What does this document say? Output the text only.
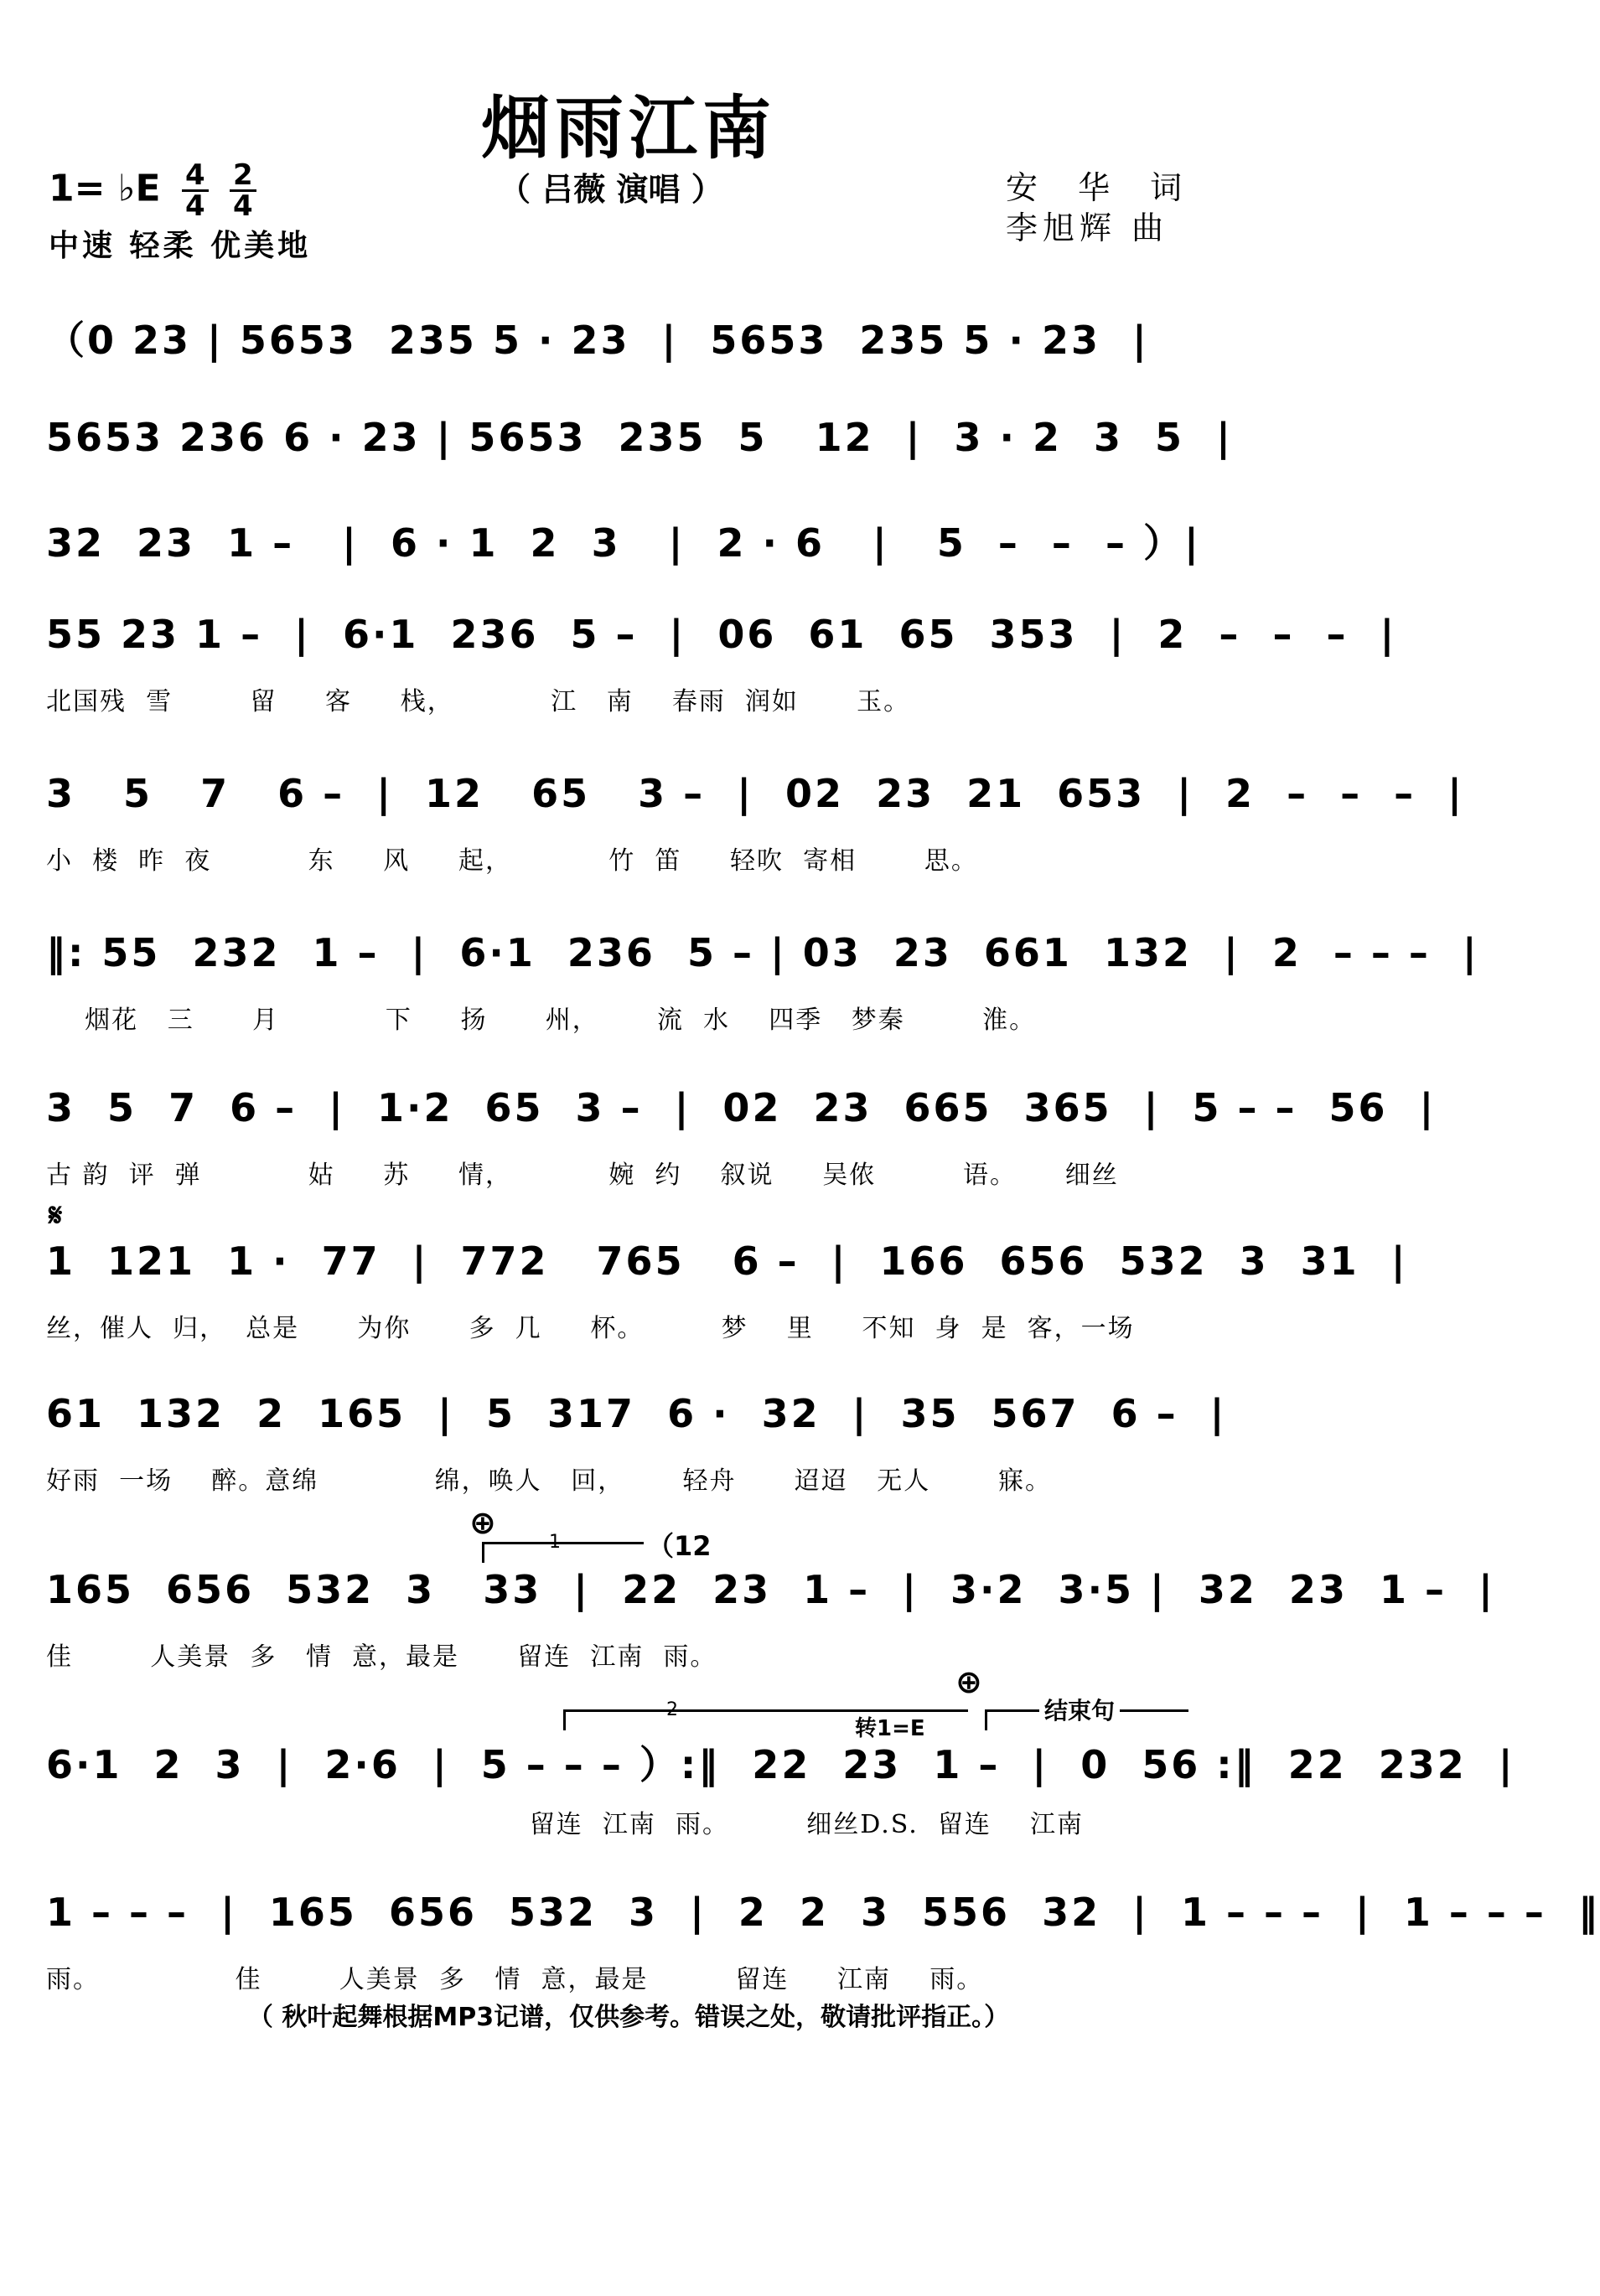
烟雨江南
（ 吕薇 演唱 ）
1= ♭E $\frac{4}{4}$
$\frac{2}{4}$
中速 轻柔 优美地
安 华 词
李旭辉 曲
（0 23 | 5653  235 5 · 23  |  5653  235 5 · 23  |
5653 236 6 · 23 | 5653  235  5   12  |  3 · 2  3  5  |
32  23  1 –   |  6 · 1  2  3   |  2 · 6   |   5  –  –  – ）|
55 23 1 –  |  6·1  236  5 –  |  06  61  65  353  |  2  –  –  –  |
北国残  雪        留     客     栈，          江   南    春雨  润如      玉。
3   5   7   6 –  |  12   65   3 –  |  02  23  21  653  |  2  –  –  –  |
小  楼  昨  夜          东     风     起，          竹  笛     轻吹  寄相       思。
‖: 55  232  1 –  |  6·1  236  5 – | 03  23  661  132  |  2  – – –  |
烟花   三      月           下     扬      州，      流  水    四季   梦秦        淮。
3  5  7  6 –  |  1·2  65  3 –  |  02  23  665  365  |  5 – –  56  |
古 韵  评  弹           姑     苏     情，          婉  约    叙说     吴侬         语。     细丝
𝄋
1  121  1 ·  77  |  772   765   6 –  |  166  656  532  3  31  |
丝，催人  归，  总是      为你      多  几     杯。        梦    里     不知  身  是  客，一场
61  132  2  165  |  5  317  6 ·  32  |  35  567  6 –  |
好雨  一场    醉。意绵            绵，唤人   回，      轻舟      迢迢   无人       寐。
⊕
1	（12
165  656  532  3   33  |  22  23  1 –  |  3·2  3·5 |  32  23  1 –  |
佳        人美景  多   情  意，最是      留连  江南  雨。
2
⊕
转1=E
结束句
6·1  2  3  |  2·6  |  5 – – – ）:‖  22  23  1 –  |  0  56 :‖  22  232  |
留连  江南  雨。        细丝D.S.  留连    江南
1 – – –  |  165  656  532  3  |  2  2  3  556  32  |  1 – – –  |  1 – – –  ‖
雨。              佳        人美景  多   情  意，最是         留连     江南    雨。
（ 秋叶起舞根据MP3记谱，仅供参考。错误之处，敬请批评指正。）
